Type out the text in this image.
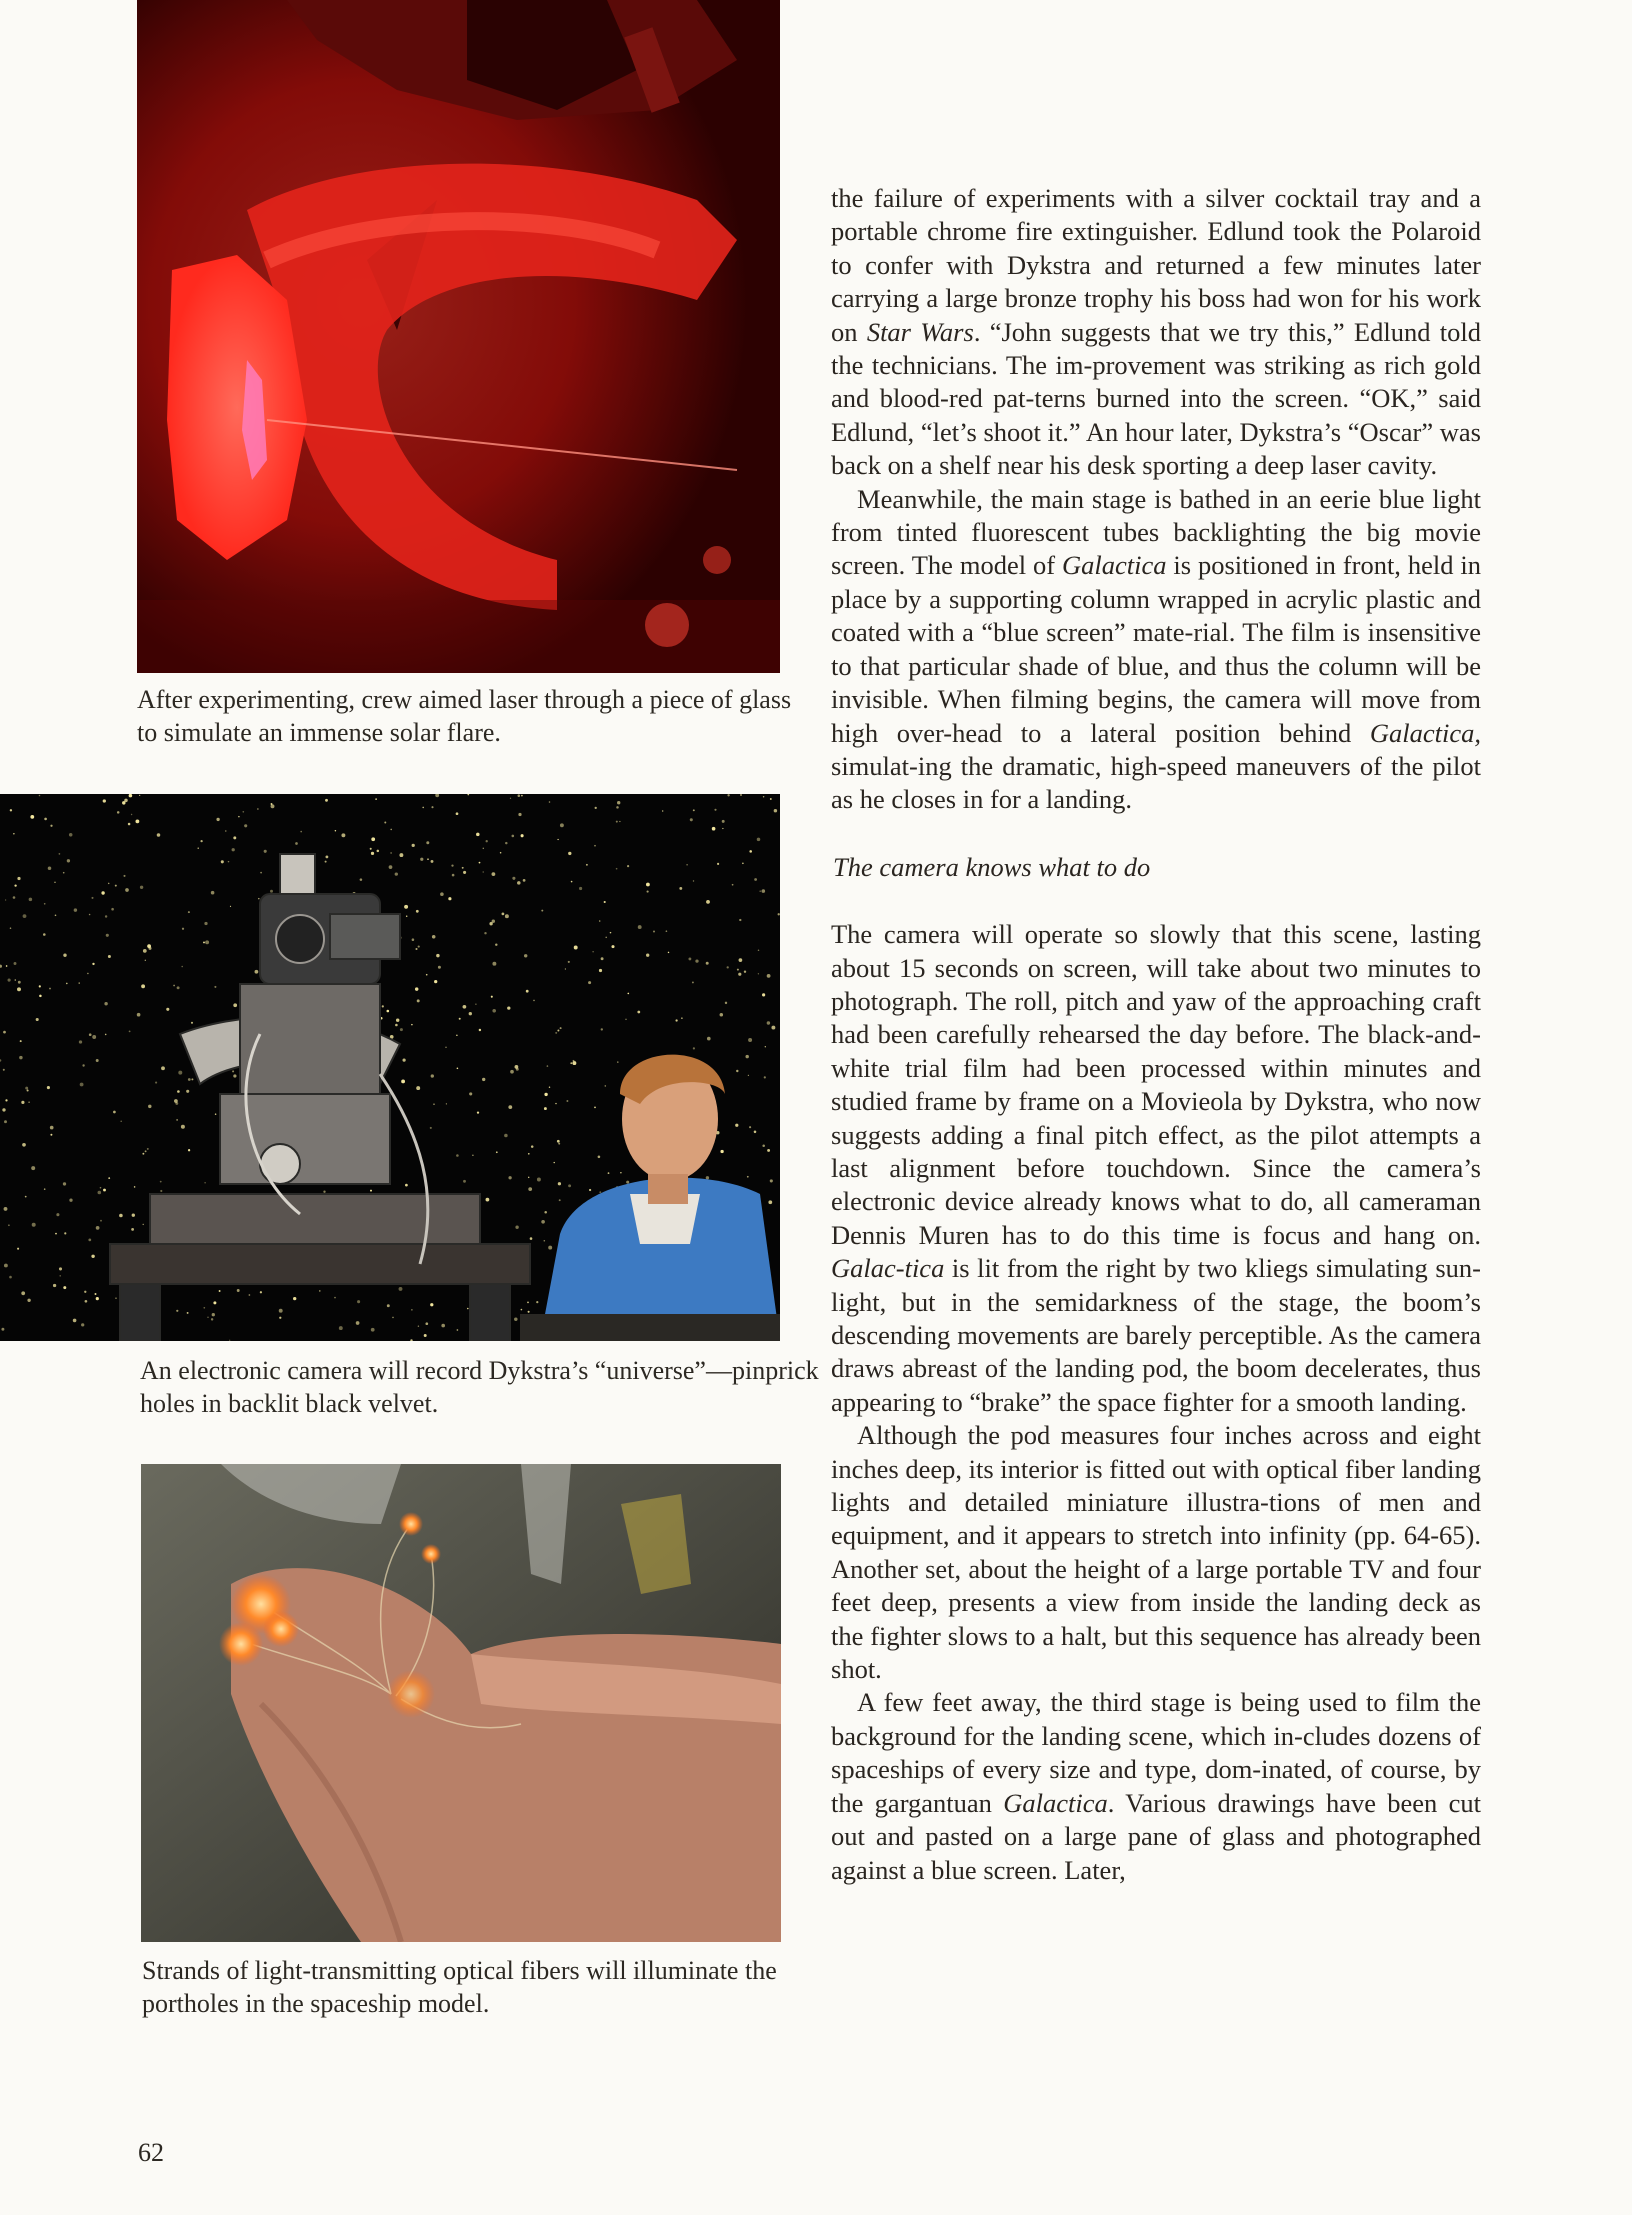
After experimenting, crew aimed laser through a piece of glass to simulate an immense solar flare.

An electronic camera will record Dykstra’s “universe”—pinprick holes in backlit black velvet.

Strands of light-transmitting optical fibers will illuminate the portholes in the spaceship model.

the failure of experiments with a silver cocktail tray and a portable chrome fire extinguisher. Edlund took the Polaroid to confer with Dykstra and returned a few minutes later carrying a large bronze trophy his boss had won for his work on Star Wars. “John suggests that we try this,” Edlund told the technicians. The im-provement was striking as rich gold and blood-red pat-terns burned into the screen. “OK,” said Edlund, “let’s shoot it.” An hour later, Dykstra’s “Oscar” was back on a shelf near his desk sporting a deep laser cavity.

Meanwhile, the main stage is bathed in an eerie blue light from tinted fluorescent tubes backlighting the big movie screen. The model of Galactica is positioned in front, held in place by a supporting column wrapped in acrylic plastic and coated with a “blue screen” mate-rial. The film is insensitive to that particular shade of blue, and thus the column will be invisible. When filming begins, the camera will move from high over-head to a lateral position behind Galactica, simulat-ing the dramatic, high-speed maneuvers of the pilot as he closes in for a landing.

The camera knows what to do

The camera will operate so slowly that this scene, lasting about 15 seconds on screen, will take about two minutes to photograph. The roll, pitch and yaw of the approaching craft had been carefully rehearsed the day before. The black-and-white trial film had been processed within minutes and studied frame by frame on a Movieola by Dykstra, who now suggests adding a final pitch effect, as the pilot attempts a last alignment before touchdown. Since the camera’s electronic device already knows what to do, all cameraman Dennis Muren has to do this time is focus and hang on. Galac-tica is lit from the right by two kliegs simulating sun-light, but in the semidarkness of the stage, the boom’s descending movements are barely perceptible. As the camera draws abreast of the landing pod, the boom decelerates, thus appearing to “brake” the space fighter for a smooth landing.

Although the pod measures four inches across and eight inches deep, its interior is fitted out with optical fiber landing lights and detailed miniature illustra-tions of men and equipment, and it appears to stretch into infinity (pp. 64-65). Another set, about the height of a large portable TV and four feet deep, presents a view from inside the landing deck as the fighter slows to a halt, but this sequence has already been shot.

A few feet away, the third stage is being used to film the background for the landing scene, which in-cludes dozens of spaceships of every size and type, dom-inated, of course, by the gargantuan Galactica. Various drawings have been cut out and pasted on a large pane of glass and photographed against a blue screen. Later,

62
